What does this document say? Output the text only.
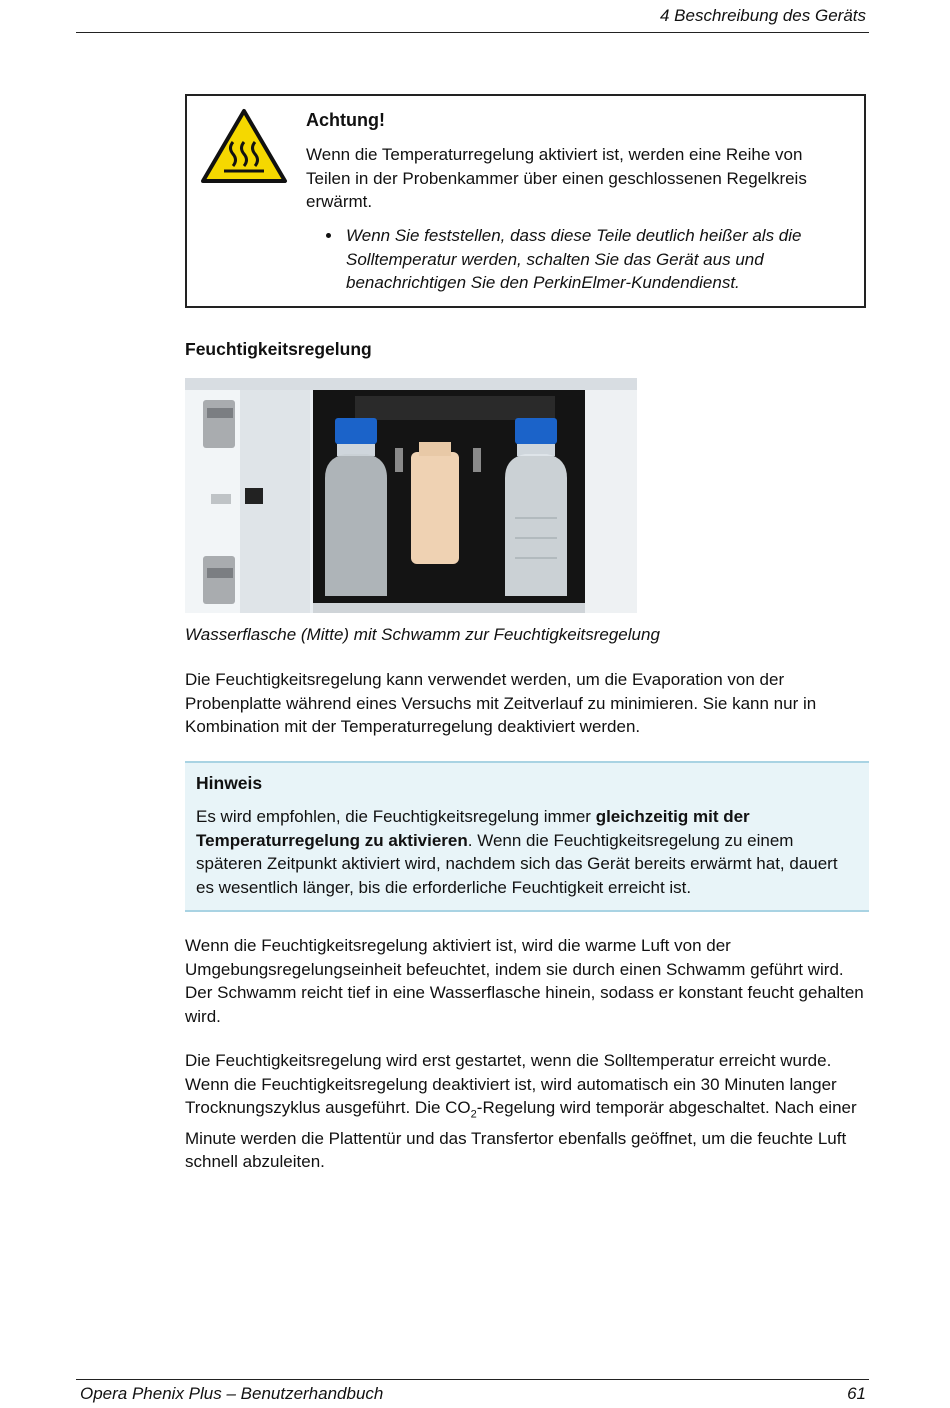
4 Beschreibung des Geräts
Achtung!
Wenn die Temperaturregelung aktiviert ist, werden eine Reihe von Teilen in der Probenkammer über einen geschlossenen Regelkreis erwärmt.
Wenn Sie feststellen, dass diese Teile deutlich heißer als die Solltemperatur werden, schalten Sie das Gerät aus und benachrichtigen Sie den PerkinElmer-Kundendienst.
Feuchtigkeitsregelung
Wasserflasche (Mitte) mit Schwamm zur Feuchtigkeitsregelung
Die Feuchtigkeitsregelung kann verwendet werden, um die Evaporation von der Probenplatte während eines Versuchs mit Zeitverlauf zu minimieren. Sie kann nur in Kombination mit der Temperaturregelung deaktiviert werden.
Hinweis
Es wird empfohlen, die Feuchtigkeitsregelung immer gleichzeitig mit der Temperaturregelung zu aktivieren. Wenn die Feuchtigkeitsregelung zu einem späteren Zeitpunkt aktiviert wird, nachdem sich das Gerät bereits erwärmt hat, dauert es wesentlich länger, bis die erforderliche Feuchtigkeit erreicht ist.
Wenn die Feuchtigkeitsregelung aktiviert ist, wird die warme Luft von der Umgebungsregelungseinheit befeuchtet, indem sie durch einen Schwamm geführt wird. Der Schwamm reicht tief in eine Wasserflasche hinein, sodass er konstant feucht gehalten wird.
Die Feuchtigkeitsregelung wird erst gestartet, wenn die Solltemperatur erreicht wurde. Wenn die Feuchtigkeitsregelung deaktiviert ist, wird automatisch ein 30 Minuten langer Trocknungszyklus ausgeführt. Die $CO_2$-Regelung wird temporär abgeschaltet. Nach einer Minute werden die Plattentür und das Transfertor ebenfalls geöffnet, um die feuchte Luft schnell abzuleiten.
Opera Phenix Plus – Benutzerhandbuch	61
